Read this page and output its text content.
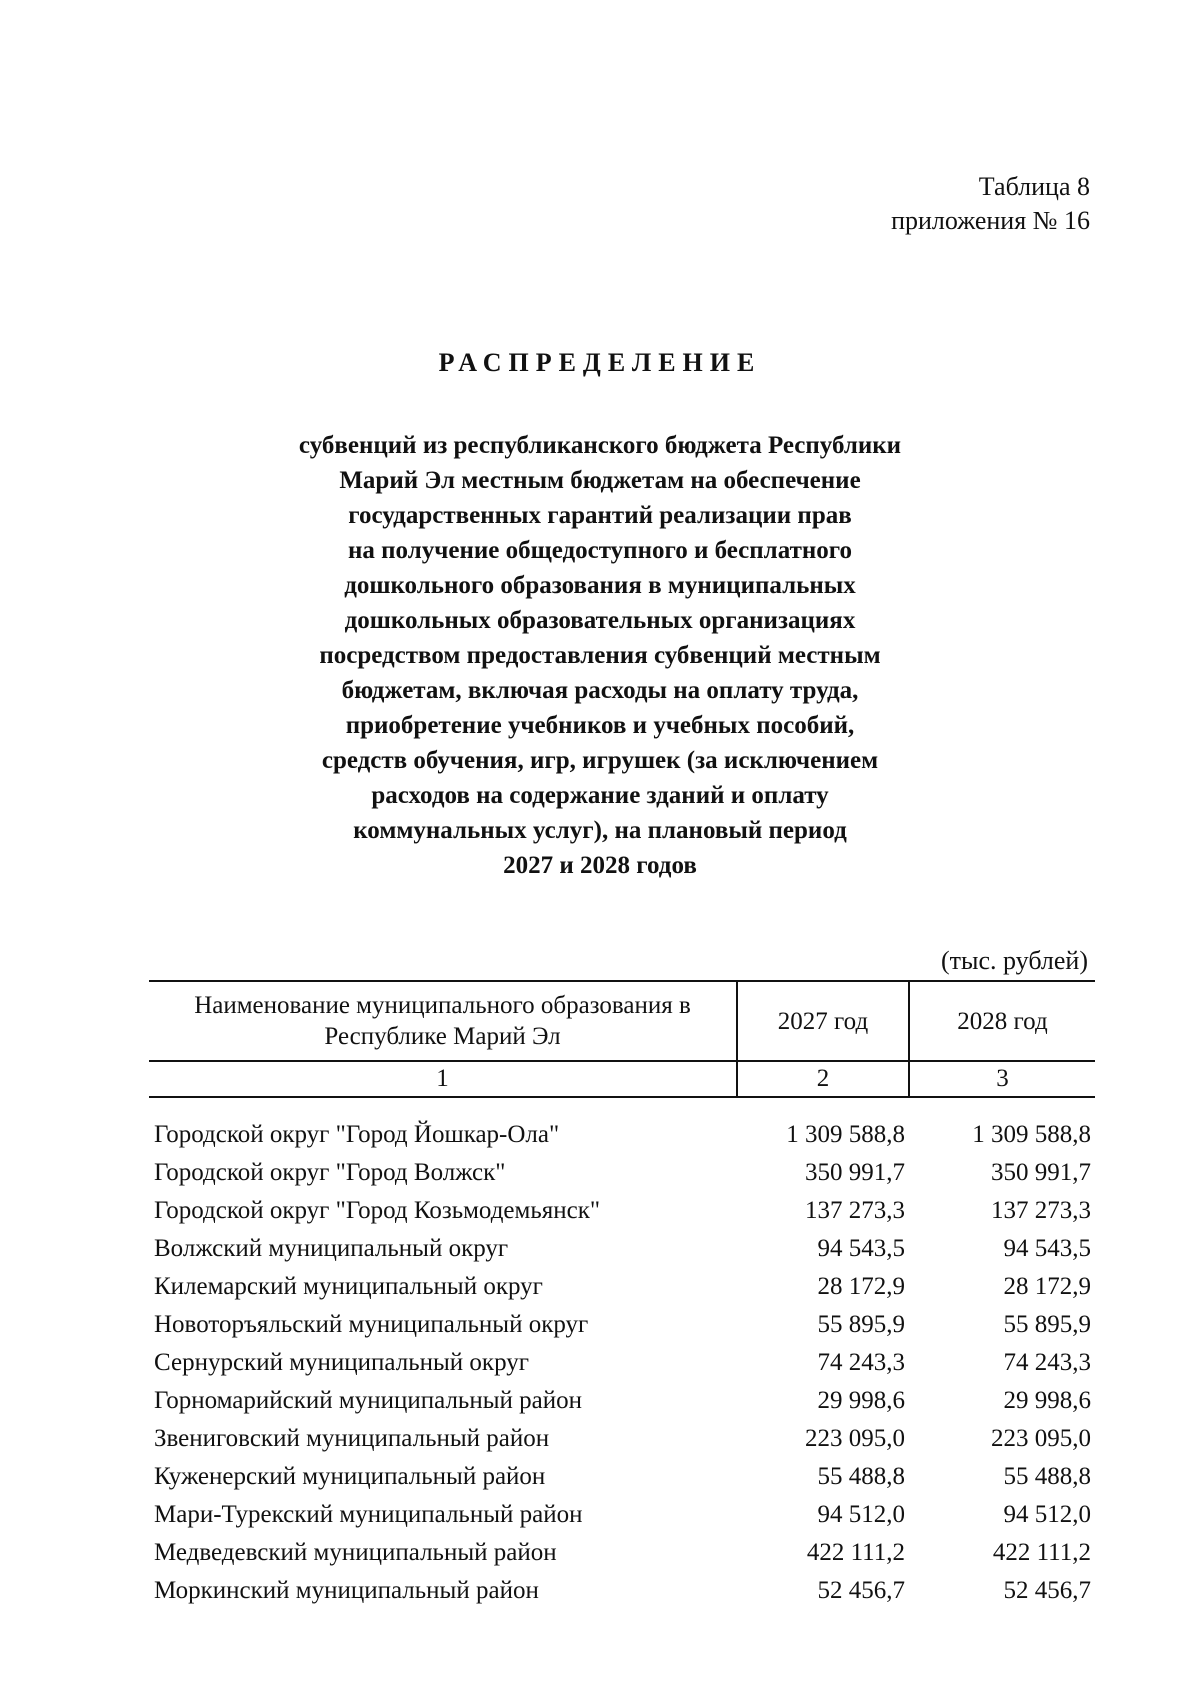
Таблица 8
приложения № 16
РАСПРЕДЕЛЕНИЕ
субвенций из республиканского бюджета Республики
Марий Эл местным бюджетам на обеспечение
государственных гарантий реализации прав
на получение общедоступного и бесплатного
дошкольного образования в муниципальных
дошкольных образовательных организациях
посредством предоставления субвенций местным
бюджетам, включая расходы на оплату труда,
приобретение учебников и учебных пособий,
средств обучения, игр, игрушек (за исключением
расходов на содержание зданий и оплату
коммунальных услуг), на плановый период
2027 и 2028 годов
(тыс. рублей)
Наименование муниципального образования в Республике Марий Эл	2027 год	2028 год
1	2	3
Городской округ "Город Йошкар-Ола"	1 309 588,8	1 309 588,8
Городской округ "Город Волжск"	350 991,7	350 991,7
Городской округ "Город Козьмодемьянск"	137 273,3	137 273,3
Волжский муниципальный округ	94 543,5	94 543,5
Килемарский муниципальный округ	28 172,9	28 172,9
Новоторъяльский муниципальный округ	55 895,9	55 895,9
Сернурский муниципальный округ	74 243,3	74 243,3
Горномарийский муниципальный район	29 998,6	29 998,6
Звениговский муниципальный район	223 095,0	223 095,0
Куженерский муниципальный район	55 488,8	55 488,8
Мари-Турекский муниципальный район	94 512,0	94 512,0
Медведевский муниципальный район	422 111,2	422 111,2
Моркинский муниципальный район	52 456,7	52 456,7
